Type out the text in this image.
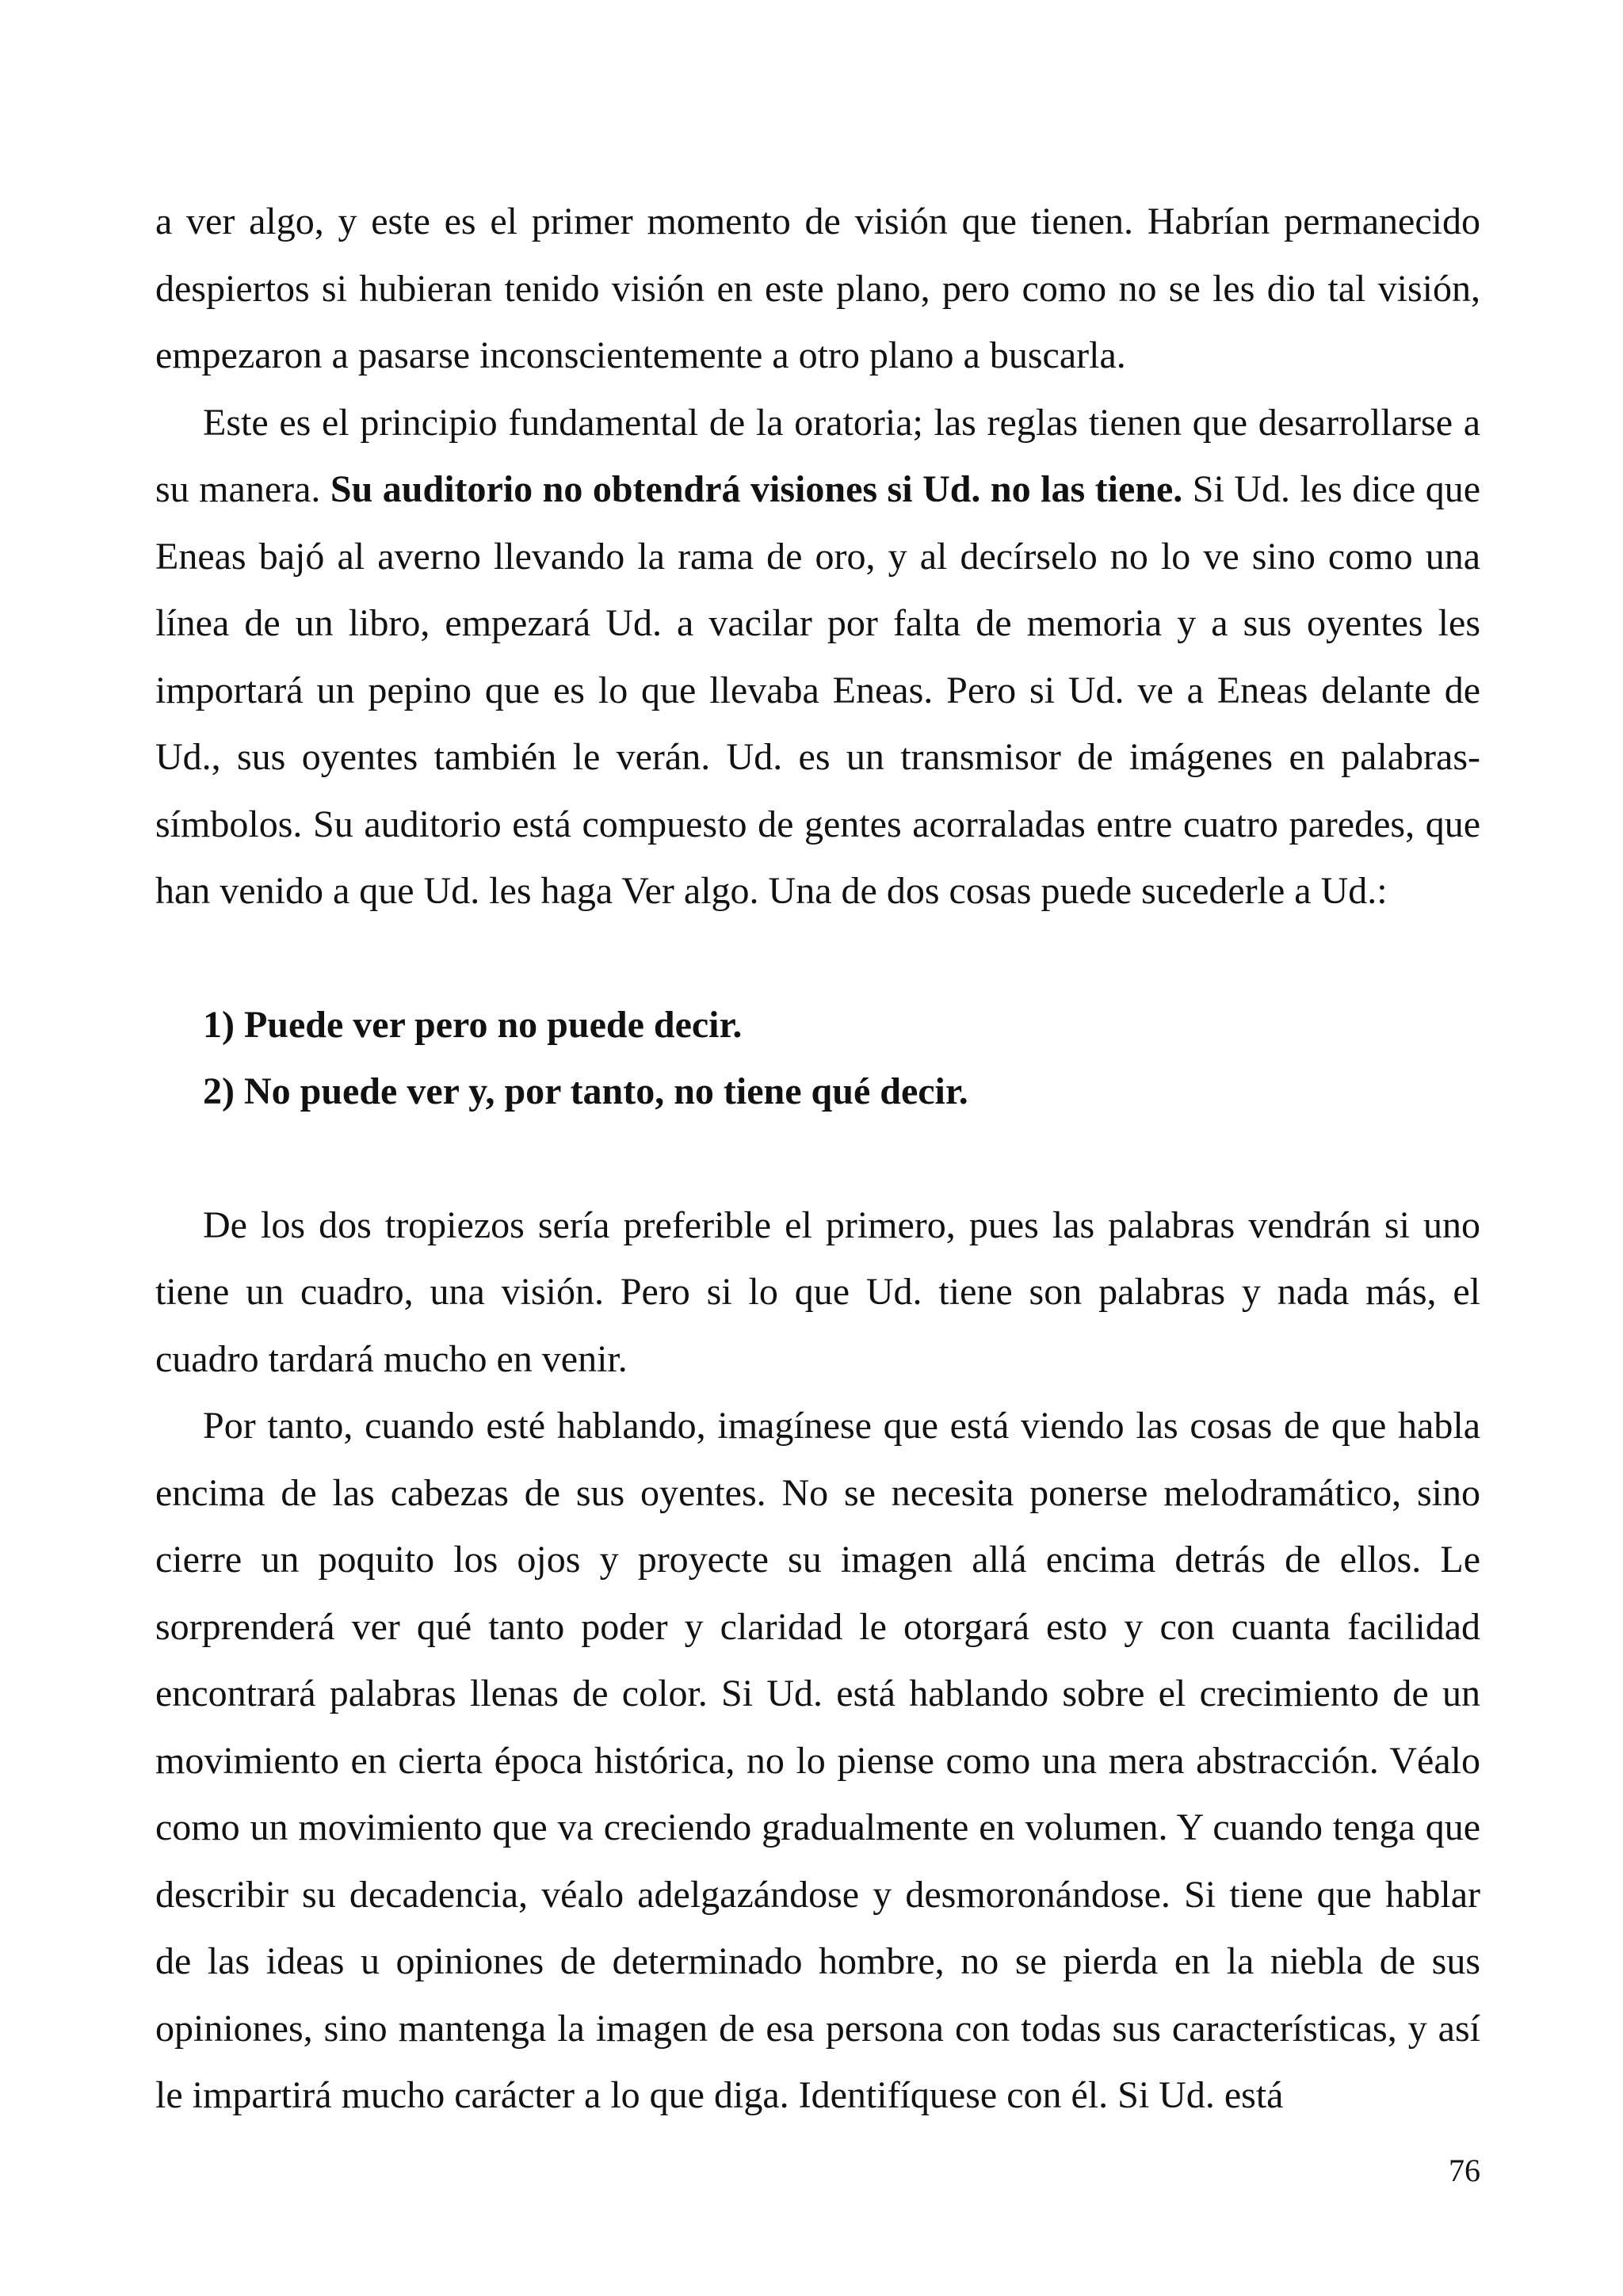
a ver algo, y este es el primer momento de visión que tienen. Habrían permanecido despiertos si hubieran tenido visión en este plano, pero como no se les dio tal visión, empezaron a pasarse inconscientemente a otro plano a buscarla.

Este es el principio fundamental de la oratoria; las reglas tienen que desarrollarse a su manera. Su auditorio no obtendrá visiones si Ud. no las tiene. Si Ud. les dice que Eneas bajó al averno llevando la rama de oro, y al decírselo no lo ve sino como una línea de un libro, empezará Ud. a vacilar por falta de memoria y a sus oyentes les importará un pepino que es lo que llevaba Eneas. Pero si Ud. ve a Eneas delante de Ud., sus oyentes también le verán. Ud. es un transmisor de imágenes en palabras-símbolos. Su auditorio está compuesto de gentes acorraladas entre cuatro paredes, que han venido a que Ud. les haga Ver algo. Una de dos cosas puede sucederle a Ud.:

1) Puede ver pero no puede decir.
2) No puede ver y, por tanto, no tiene qué decir.

De los dos tropiezos sería preferible el primero, pues las palabras vendrán si uno tiene un cuadro, una visión. Pero si lo que Ud. tiene son palabras y nada más, el cuadro tardará mucho en venir.

Por tanto, cuando esté hablando, imagínese que está viendo las cosas de que habla encima de las cabezas de sus oyentes. No se necesita ponerse melodramático, sino cierre un poquito los ojos y proyecte su imagen allá encima detrás de ellos. Le sorprenderá ver qué tanto poder y claridad le otorgará esto y con cuanta facilidad encontrará palabras llenas de color. Si Ud. está hablando sobre el crecimiento de un movimiento en cierta época histórica, no lo piense como una mera abstracción. Véalo como un movimiento que va creciendo gradualmente en volumen. Y cuando tenga que describir su decadencia, véalo adelgazándose y desmoronándose. Si tiene que hablar de las ideas u opiniones de determinado hombre, no se pierda en la niebla de sus opiniones, sino mantenga la imagen de esa persona con todas sus características, y así le impartirá mucho carácter a lo que diga. Identifíquese con él. Si Ud. está

76
